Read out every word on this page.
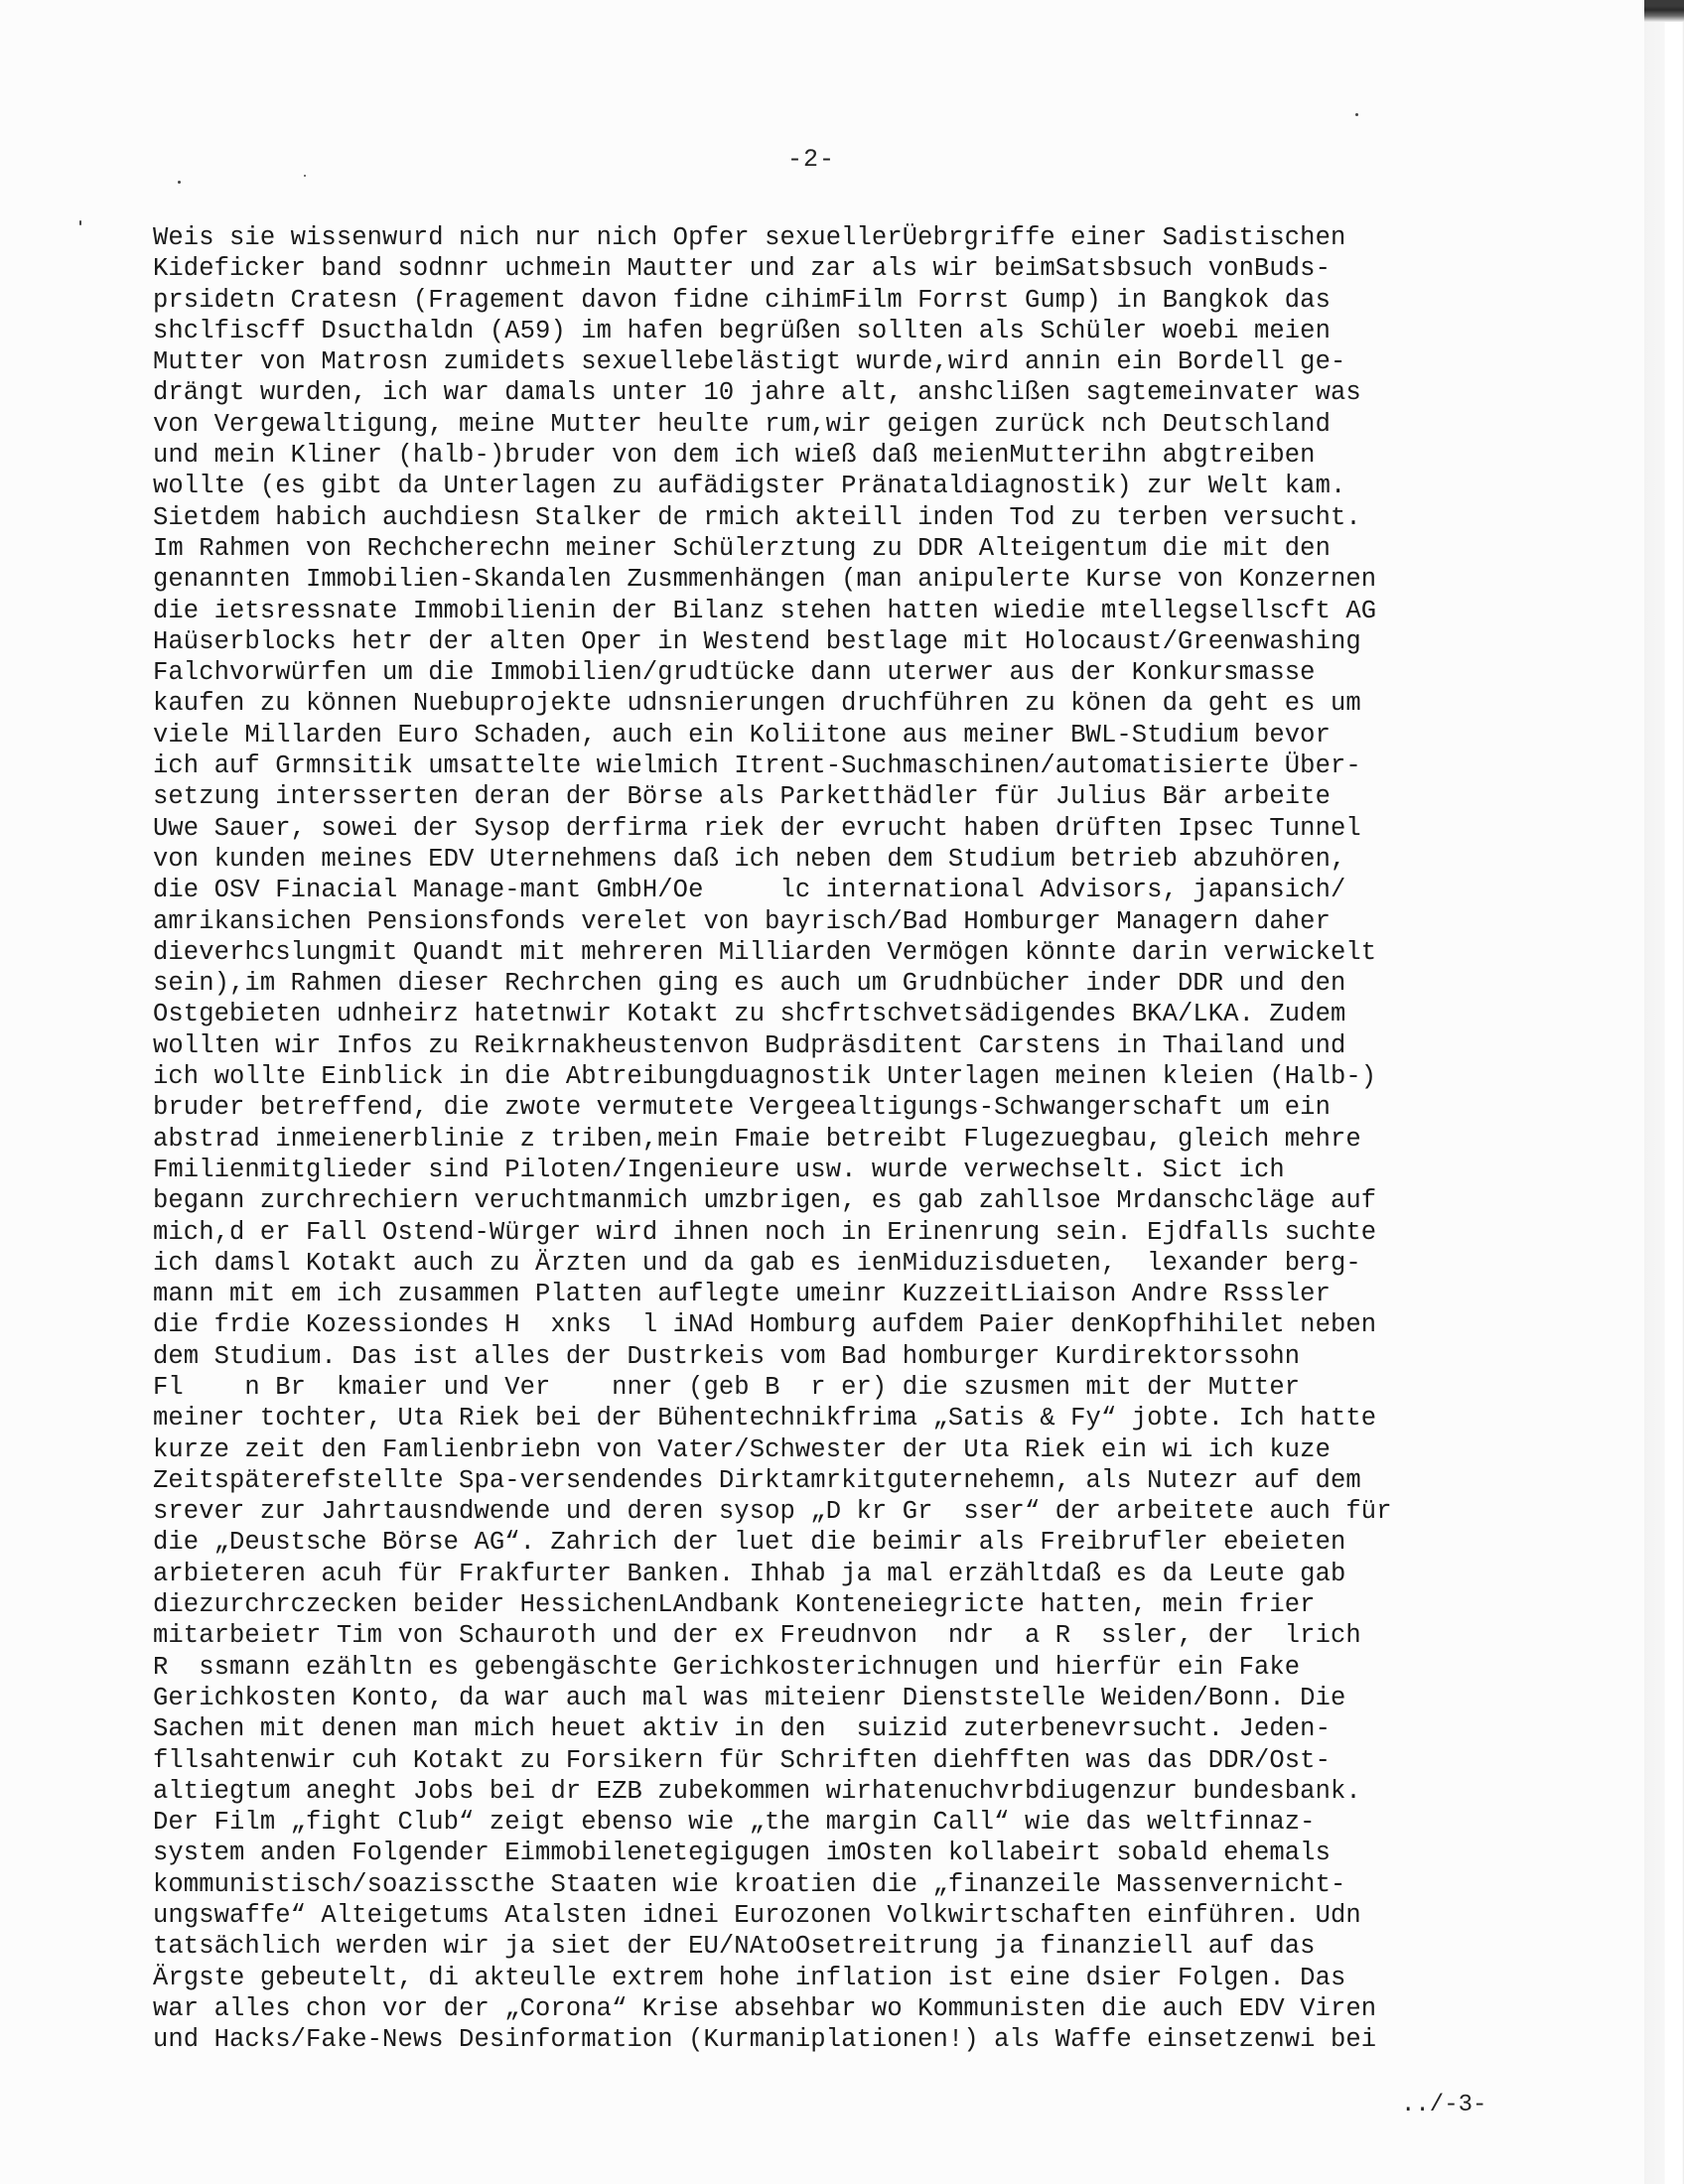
-2-
Weis sie wissenwurd nich nur nich Opfer sexuellerÜebrgriffe einer Sadistischen
Kideficker band sodnnr uchmein Mautter und zar als wir beimSatsbsuch vonBuds-
prsidetn Cratesn (Fragement davon fidne cihimFilm Forrst Gump) in Bangkok das
shclfiscff Dsucthaldn (A59) im hafen begrüßen sollten als Schüler woebi meien
Mutter von Matrosn zumidets sexuellebelästigt wurde,wird annin ein Bordell ge-
drängt wurden, ich war damals unter 10 jahre alt, anshclißen sagtemeinvater was
von Vergewaltigung, meine Mutter heulte rum,wir geigen zurück nch Deutschland
und mein Kliner (halb-)bruder von dem ich wieß daß meienMutterihn abgtreiben
wollte (es gibt da Unterlagen zu aufädigster Pränataldiagnostik) zur Welt kam.
Sietdem habich auchdiesn Stalker de rmich akteill inden Tod zu terben versucht.
Im Rahmen von Rechcherechn meiner Schülerztung zu DDR Alteigentum die mit den
genannten Immobilien-Skandalen Zusmmenhängen (man anipulerte Kurse von Konzernen
die ietsressnate Immobilienin der Bilanz stehen hatten wiedie mtellegsellscft AG
Haüserblocks hetr der alten Oper in Westend bestlage mit Holocaust/Greenwashing
Falchvorwürfen um die Immobilien/grudtücke dann uterwer aus der Konkursmasse
kaufen zu können Nuebuprojekte udnsnierungen druchführen zu könen da geht es um
viele Millarden Euro Schaden, auch ein Koliitone aus meiner BWL-Studium bevor
ich auf Grmnsitik umsattelte wielmich Itrent-Suchmaschinen/automatisierte Über-
setzung intersserten deran der Börse als Parketthädler für Julius Bär arbeite
Uwe Sauer, sowei der Sysop derfirma riek der evrucht haben drüften Ipsec Tunnel
von kunden meines EDV Uternehmens daß ich neben dem Studium betrieb abzuhören,
die OSV Finacial Manage-mant GmbH/Oe     lc international Advisors, japansich/
amrikansichen Pensionsfonds verelet von bayrisch/Bad Homburger Managern daher
dieverhcslungmit Quandt mit mehreren Milliarden Vermögen könnte darin verwickelt
sein),im Rahmen dieser Rechrchen ging es auch um Grudnbücher inder DDR und den
Ostgebieten udnheirz hatetnwir Kotakt zu shcfrtschvetsädigendes BKA/LKA. Zudem
wollten wir Infos zu Reikrnakheustenvon Budpräsditent Carstens in Thailand und
ich wollte Einblick in die Abtreibungduagnostik Unterlagen meinen kleien (Halb-)
bruder betreffend, die zwote vermutete Vergeealtigungs-Schwangerschaft um ein
abstrad inmeienerblinie z triben,mein Fmaie betreibt Flugezuegbau, gleich mehre
Fmilienmitglieder sind Piloten/Ingenieure usw. wurde verwechselt. Sict ich
begann zurchrechiern veruchtmanmich umzbrigen, es gab zahllsoe Mrdanschcläge auf
mich,d er Fall Ostend-Würger wird ihnen noch in Erinenrung sein. Ejdfalls suchte
ich damsl Kotakt auch zu Ärzten und da gab es ienMiduzisdueten,  lexander berg-
mann mit em ich zusammen Platten auflegte umeinr KuzzeitLiaison Andre Rsssler
die frdie Kozessiondes H  xnks  l iNAd Homburg aufdem Paier denKopfhihilet neben
dem Studium. Das ist alles der Dustrkeis vom Bad homburger Kurdirektorssohn
Fl    n Br  kmaier und Ver    nner (geb B  r er) die szusmen mit der Mutter
meiner tochter, Uta Riek bei der Bühentechnikfrima „Satis & Fy“ jobte. Ich hatte
kurze zeit den Famlienbriebn von Vater/Schwester der Uta Riek ein wi ich kuze
Zeitspäterefstellte Spa-versendendes Dirktamrkitguternehemn, als Nutezr auf dem
srever zur Jahrtausndwende und deren sysop „D kr Gr  sser“ der arbeitete auch für
die „Deustsche Börse AG“. Zahrich der luet die beimir als Freibrufler ebeieten
arbieteren acuh für Frakfurter Banken. Ihhab ja mal erzähltdaß es da Leute gab
diezurchrczecken beider HessichenLAndbank Konteneiegricte hatten, mein frier
mitarbeietr Tim von Schauroth und der ex Freudnvon  ndr  a R  ssler, der  lrich
R  ssmann ezähltn es gebengäschte Gerichkosterichnugen und hierfür ein Fake
Gerichkosten Konto, da war auch mal was miteienr Dienststelle Weiden/Bonn. Die
Sachen mit denen man mich heuet aktiv in den  suizid zuterbenevrsucht. Jeden-
fllsahtenwir cuh Kotakt zu Forsikern für Schriften diehfften was das DDR/Ost-
altiegtum aneght Jobs bei dr EZB zubekommen wirhatenuchvrbdiugenzur bundesbank.
Der Film „fight Club“ zeigt ebenso wie „the margin Call“ wie das weltfinnaz-
system anden Folgender Eimmobilenetegigugen imOsten kollabeirt sobald ehemals
kommunistisch/soazisscthe Staaten wie kroatien die „finanzeile Massenvernicht-
ungswaffe“ Alteigetums Atalsten idnei Eurozonen Volkwirtschaften einführen. Udn
tatsächlich werden wir ja siet der EU/NAtoOsetreitrung ja finanziell auf das
Ärgste gebeutelt, di akteulle extrem hohe inflation ist eine dsier Folgen. Das
war alles chon vor der „Corona“ Krise absehbar wo Kommunisten die auch EDV Viren
und Hacks/Fake-News Desinformation (Kurmaniplationen!) als Waffe einsetzenwi bei
../-3-
